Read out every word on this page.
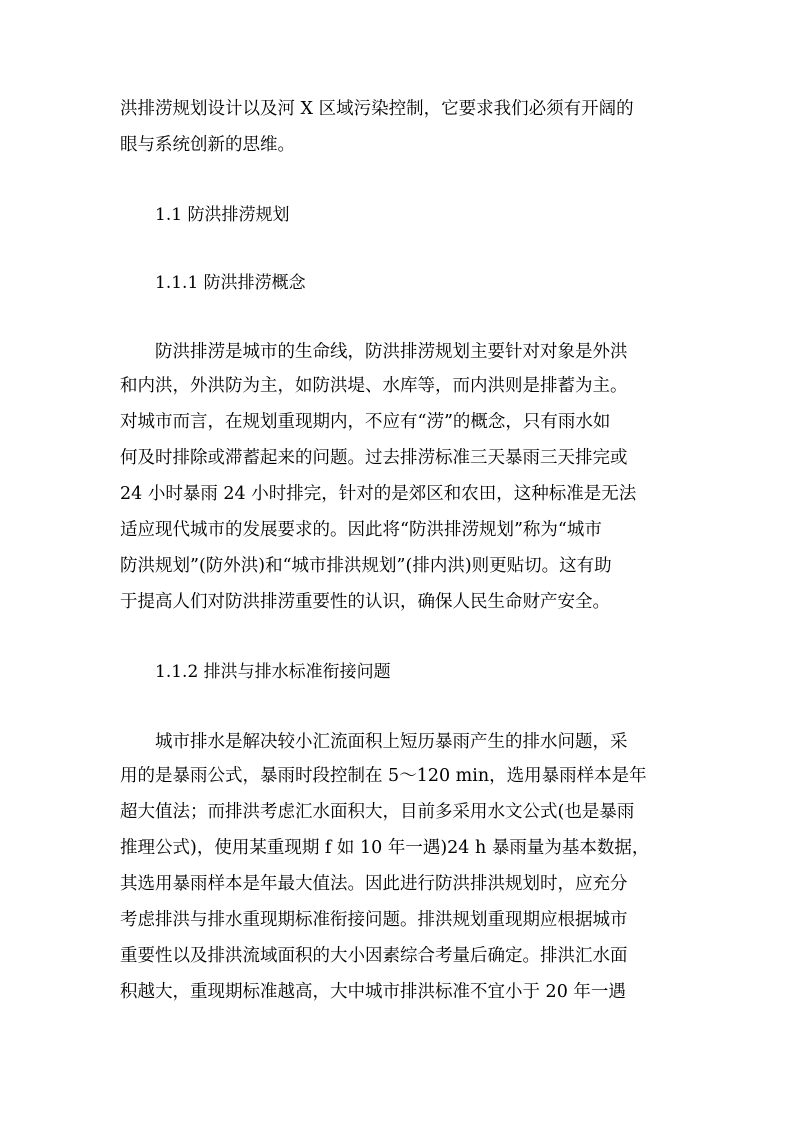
洪排涝规划设计以及河 X 区域污染控制，它要求我们必须有开阔的
眼与系统创新的思维。
1.1 防洪排涝规划
1.1.1 防洪排涝概念
防洪排涝是城市的生命线，防洪排涝规划主要针对对象是外洪
和内洪，外洪防为主，如防洪堤、水库等，而内洪则是排蓄为主。
对城市而言，在规划重现期内，不应有“涝”的概念，只有雨水如
何及时排除或滞蓄起来的问题。过去排涝标准三天暴雨三天排完或
24 小时暴雨 24 小时排完，针对的是郊区和农田，这种标准是无法
适应现代城市的发展要求的。因此将“防洪排涝规划”称为“城市
防洪规划”(防外洪)和“城市排洪规划”(排内洪)则更贴切。这有助
于提高人们对防洪排涝重要性的认识，确保人民生命财产安全。
1.1.2 排洪与排水标准衔接问题
城市排水是解决较小汇流面积上短历暴雨产生的排水问题，采
用的是暴雨公式，暴雨时段控制在 5～120 min，选用暴雨样本是年
超大值法；而排洪考虑汇水面积大，目前多采用水文公式(也是暴雨
推理公式)，使用某重现期 f 如 10 年一遇)24 h 暴雨量为基本数据，
其选用暴雨样本是年最大值法。因此进行防洪排洪规划时，应充分
考虑排洪与排水重现期标准衔接问题。排洪规划重现期应根据城市
重要性以及排洪流域面积的大小因素综合考量后确定。排洪汇水面
积越大，重现期标准越高，大中城市排洪标准不宜小于 20 年一遇
